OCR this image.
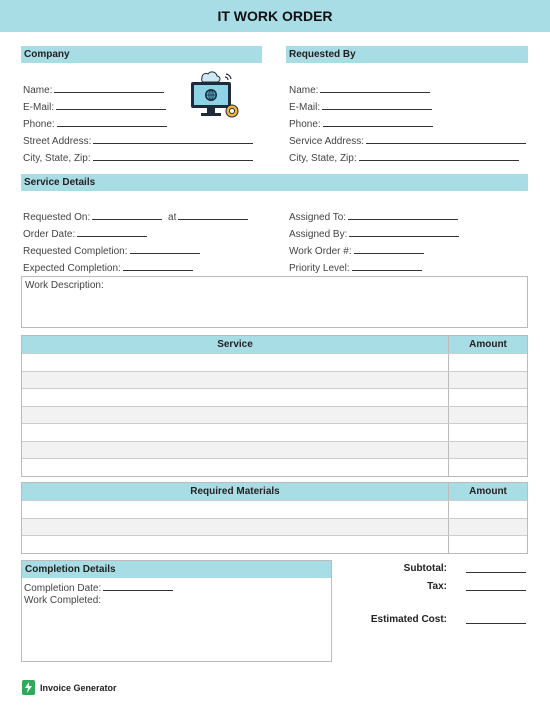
IT WORK ORDER
Company
Name:
E-Mail:
Phone:
Street Address:
City, State, Zip:
Requested By
Name:
E-Mail:
Phone:
Service Address:
City, State, Zip:
Service Details
Requested On:	at
Order Date:
Requested Completion:
Expected Completion:
Assigned To:
Assigned By:
Work Order #:
Priority Level:
Work Description:
Service	Amount
Required Materials	Amount
Completion Details
Completion Date:
Work Completed:
Subtotal:
Tax:
Estimated Cost:
Invoice Generator
